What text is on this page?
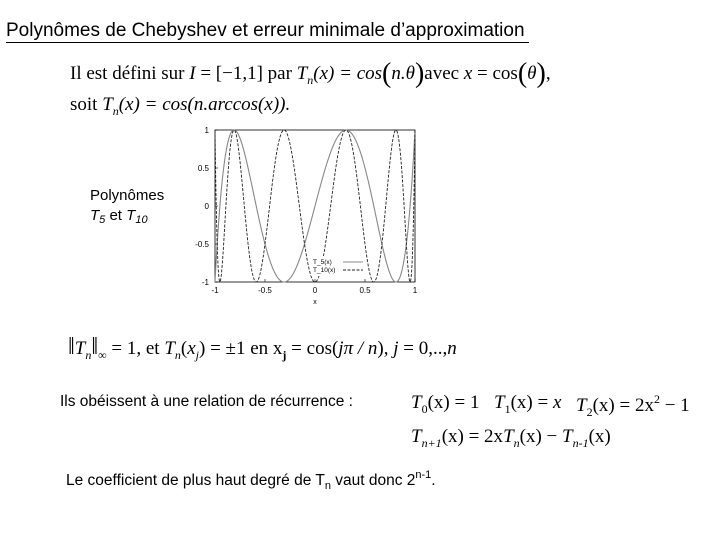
Polynômes de Chebyshev et erreur minimale d’approximation
Il est défini sur I = [−1,1] par $T_n(x)$ = cos(n.θ)avec x = cos(θ),
soit $T_n(x) = \cos(n.\arccos(x))$.
Polynômes
$T_5$ et $T_{10}$
-1	-0.5	0	0.5	1
1
0.5
0
-0.5
-1
x
T_5(x)
T_10(x)
$‖T_n‖_\infty = 1$, et $T_n(x_j) = \pm 1$ en $x_j = \cos(j\pi / n)$, j = 0,..,n
Ils obéissent à une relation de récurrence :	$T_0(x) = 1$ $T_1(x) = x$ $T_2(x) = 2x^2 - 1$
$T_{n+1}(x) = 2xT_n(x) - T_{n-1}(x)$
Le coefficient de plus haut degré de $T_n$ vaut donc 2$^{n-1}$.
